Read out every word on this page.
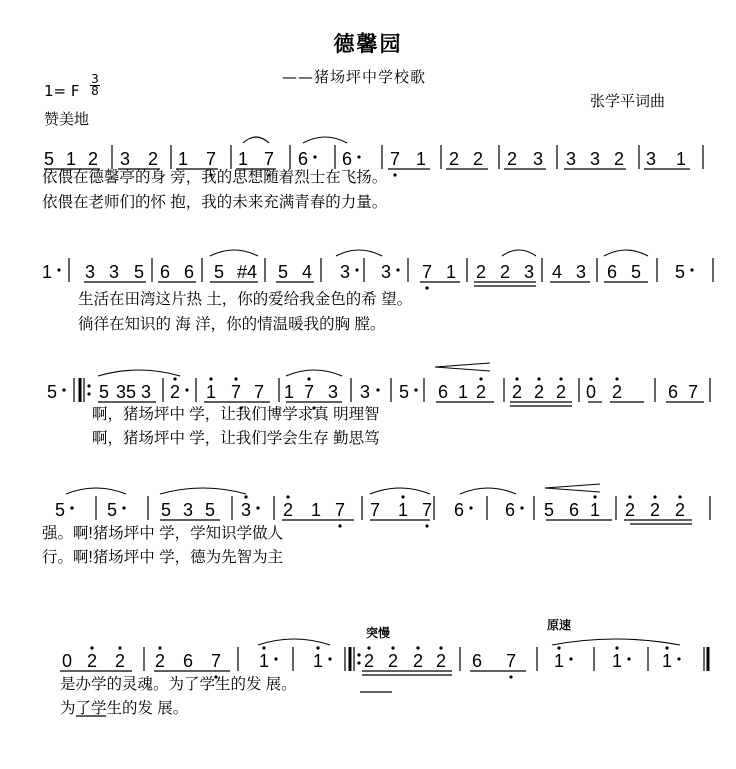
德馨园
——猪场坪中学校歌
1= F
3
8
赞美地
张学平词曲
突慢
原速
5 1 2 3 2 1 7 1 7 6 6 7 1 2 2 2 3 3 3 2 3 1
依偎在德馨亭的身 旁，我的思想随着烈士在飞扬。
依偎在老师们的怀 抱，我的未来充满青春的力量。
1 3 3 5 6 6 5 #4 5 4 3 3 7 1 2 2 3 4 3 6 5 5
生活在田湾这片热 土，你的爱给我金色的希 望。
徜徉在知识的 海 洋，你的情温暖我的胸 膛。
5 5 35 3 2 1 7 7 1 7 3 3 5 6 1 2 2 2 2 0 2	6 7
啊，猪场坪中 学，让我们博学求真 明理智
啊，猪场坪中 学，让我们学会生存 勤思笃
5 5 5 3 5 3 2 1 7 7 1 7 6 6 5 6 1 2 2 2
强。啊!猪场坪中 学，学知识学做人
行。啊!猪场坪中 学，德为先智为主
0 2 2 2 6 7 1 1 2 2 2 2 6 7 1	1 1
是办学的灵魂。为了学生的发 展。
为了学生的发 展。
